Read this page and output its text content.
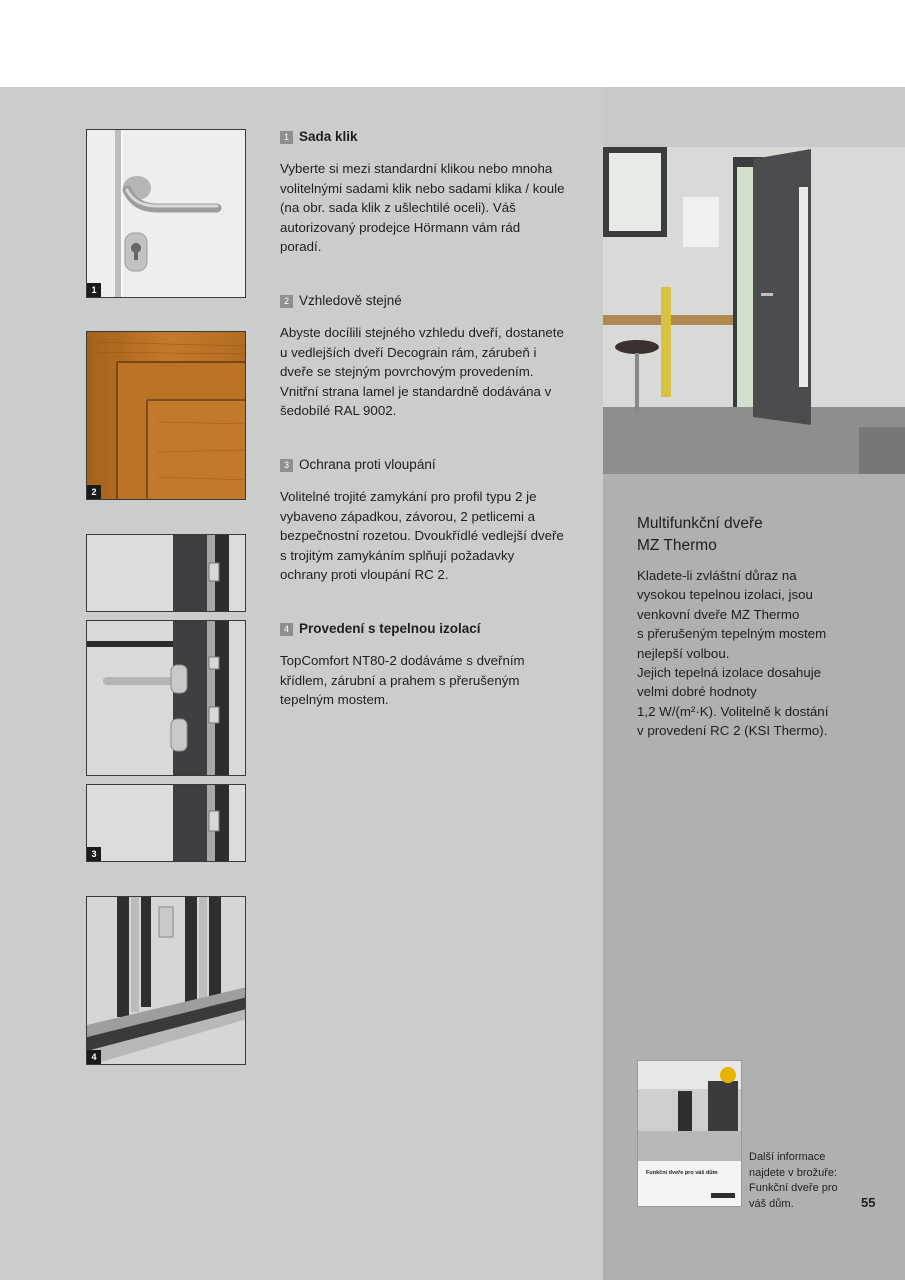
1
2
3
4
1 Sada klik

Vyberte si mezi standardní klikou nebo mnoha volitelnými sadami klik nebo sadami klika / koule (na obr. sada klik z ušlechtilé oceli). Váš autorizovaný prodejce Hörmann vám rád poradí.

2 Vzhledově stejné

Abyste docílili stejného vzhledu dveří, dostanete u vedlejších dveří Decograin rám, zárubeň i dveře se stejným povrchovým provedením. Vnitřní strana lamel je standardně dodávána v šedobílé RAL 9002.

3 Ochrana proti vloupání

Volitelné trojité zamykání pro profil typu 2 je vybaveno západkou, závorou, 2 petlicemi a bezpečnostní rozetou. Dvoukřídlé vedlejší dveře s trojitým zamykáním splňují požadavky ochrany proti vloupání RC 2.

4 Provedení s tepelnou izolací

TopComfort NT80-2 dodáváme s dveřním křídlem, zárubní a prahem s přerušeným tepelným mostem.

Multifunkční dveře
MZ Thermo
Kladete-li zvláštní důraz na
vysokou tepelnou izolaci, jsou
venkovní dveře MZ Thermo
s přerušeným tepelným mostem
nejlepší volbou.
Jejich tepelná izolace dosahuje
velmi dobré hodnoty
1,2 W/(m²·K). Volitelně k dostání
v provedení RC 2 (KSI Thermo).
Funkční dveře pro váš dům
Další informace
najdete v brožuře:
Funkční dveře pro
váš dům.	55
